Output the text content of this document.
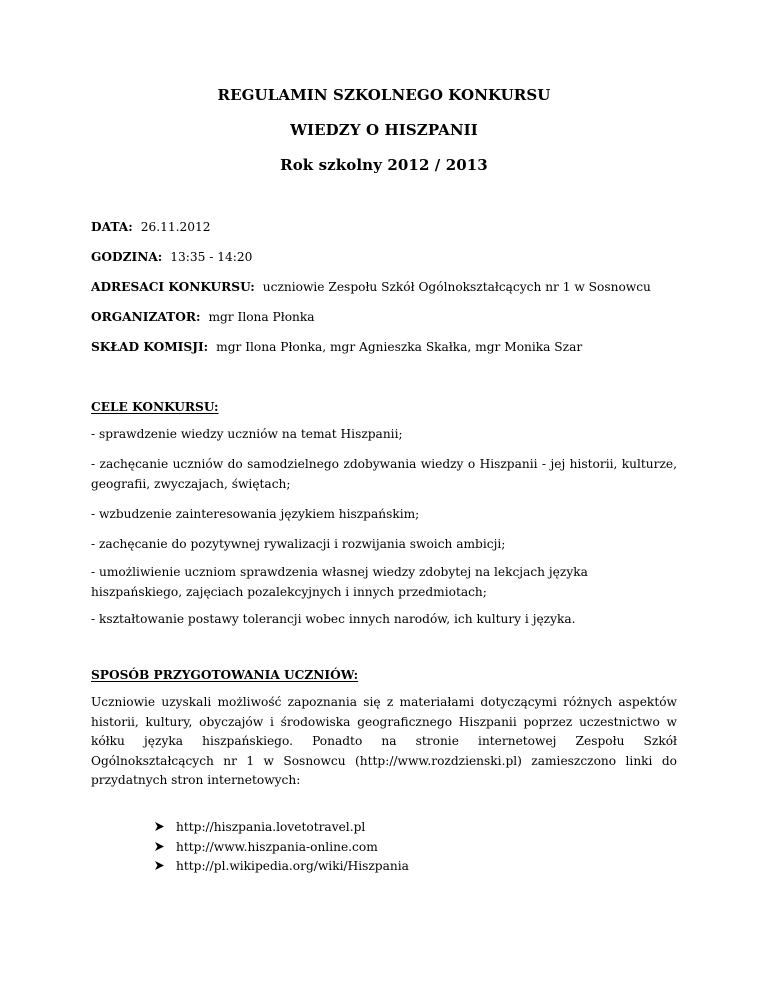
REGULAMIN SZKOLNEGO KONKURSU
WIEDZY O HISZPANII
Rok szkolny 2012 / 2013
DATA: 26.11.2012
GODZINA: 13:35 - 14:20
ADRESACI KONKURSU: uczniowie Zespołu Szkół Ogólnokształcących nr 1 w Sosnowcu
ORGANIZATOR: mgr Ilona Płonka
SKŁAD KOMISJI: mgr Ilona Płonka, mgr Agnieszka Skałka, mgr Monika Szar
CELE KONKURSU:
- sprawdzenie wiedzy uczniów na temat Hiszpanii;
- zachęcanie uczniów do samodzielnego zdobywania wiedzy o Hiszpanii - jej historii, kulturze, geografii, zwyczajach, świętach;
- wzbudzenie zainteresowania językiem hiszpańskim;
- zachęcanie do pozytywnej rywalizacji i rozwijania swoich ambicji;
- umożliwienie uczniom sprawdzenia własnej wiedzy zdobytej na lekcjach języka hiszpańskiego, zajęciach pozalekcyjnych i innych przedmiotach;
- kształtowanie postawy tolerancji wobec innych narodów, ich kultury i języka.
SPOSÓB PRZYGOTOWANIA UCZNIÓW:
Uczniowie uzyskali możliwość zapoznania się z materiałami dotyczącymi różnych aspektów historii, kultury, obyczajów i środowiska geograficznego Hiszpanii poprzez uczestnictwo w kółku języka hiszpańskiego. Ponadto na stronie internetowej Zespołu Szkół Ogólnokształcących nr 1 w Sosnowcu (http://www.rozdzienski.pl) zamieszczono linki do przydatnych stron internetowych:
http://hiszpania.lovetotravel.pl
http://www.hiszpania-online.com
http://pl.wikipedia.org/wiki/Hiszpania
